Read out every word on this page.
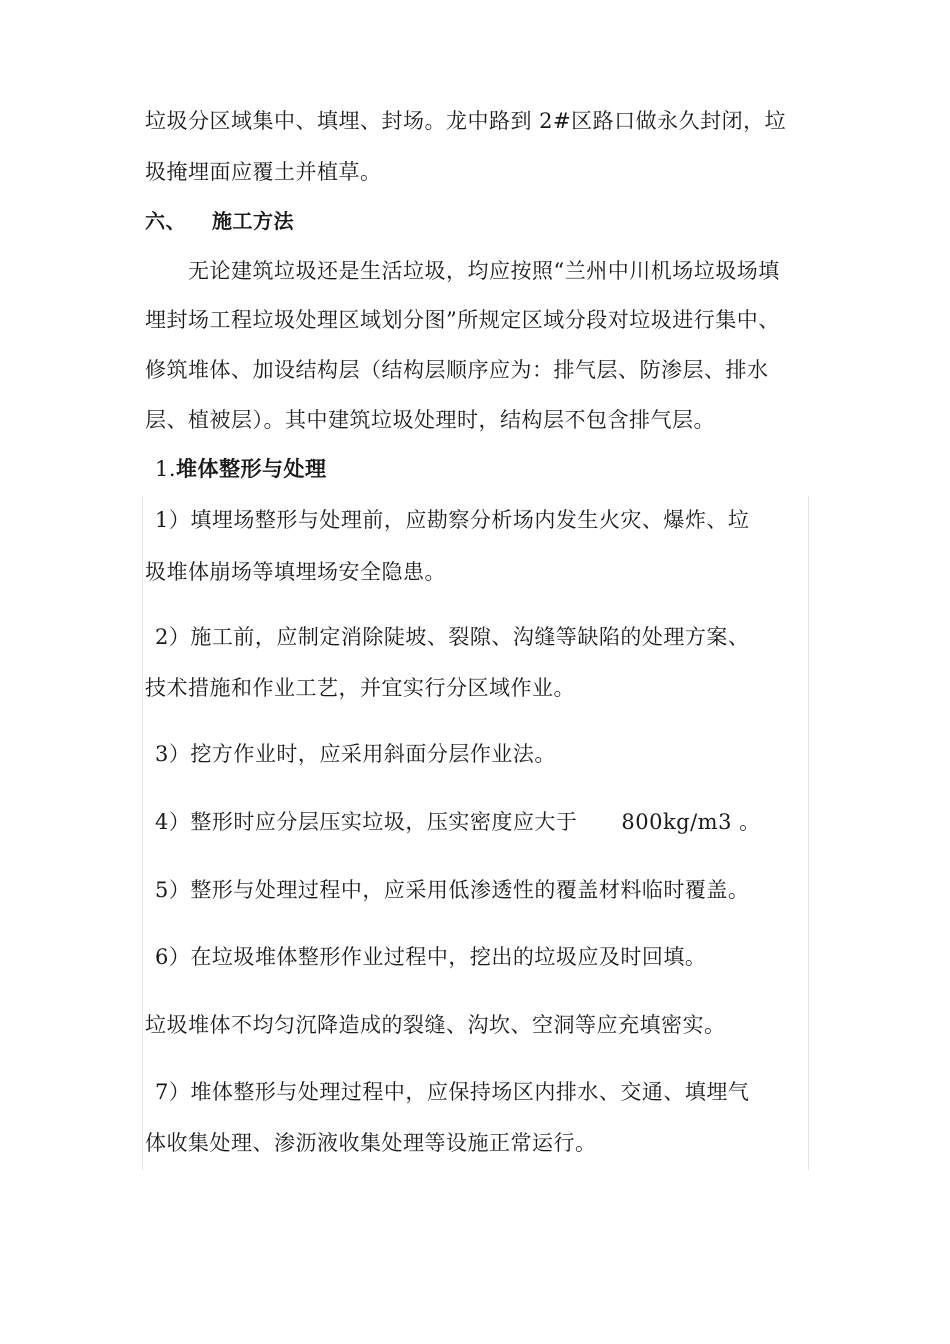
垃圾分区域集中、填埋、封场。龙中路到 2#区路口做永久封闭，垃
圾掩埋面应覆土并植草。
六、 施工方法
无论建筑垃圾还是生活垃圾，均应按照“兰州中川机场垃圾场填
埋封场工程垃圾处理区域划分图”所规定区域分段对垃圾进行集中、
修筑堆体、加设结构层（结构层顺序应为：排气层、防渗层、排水
层、植被层）。其中建筑垃圾处理时，结构层不包含排气层。
1.堆体整形与处理
1）填埋场整形与处理前，应勘察分析场内发生火灾、爆炸、垃
圾堆体崩场等填埋场安全隐患。
2）施工前，应制定消除陡坡、裂隙、沟缝等缺陷的处理方案、
技术措施和作业工艺，并宜实行分区域作业。
3）挖方作业时，应采用斜面分层作业法。
4）整形时应分层压实垃圾，压实密度应大于 800kg/m3 。
5）整形与处理过程中，应采用低渗透性的覆盖材料临时覆盖。
6）在垃圾堆体整形作业过程中，挖出的垃圾应及时回填。
垃圾堆体不均匀沉降造成的裂缝、沟坎、空洞等应充填密实。
7）堆体整形与处理过程中，应保持场区内排水、交通、填埋气
体收集处理、渗沥液收集处理等设施正常运行。
